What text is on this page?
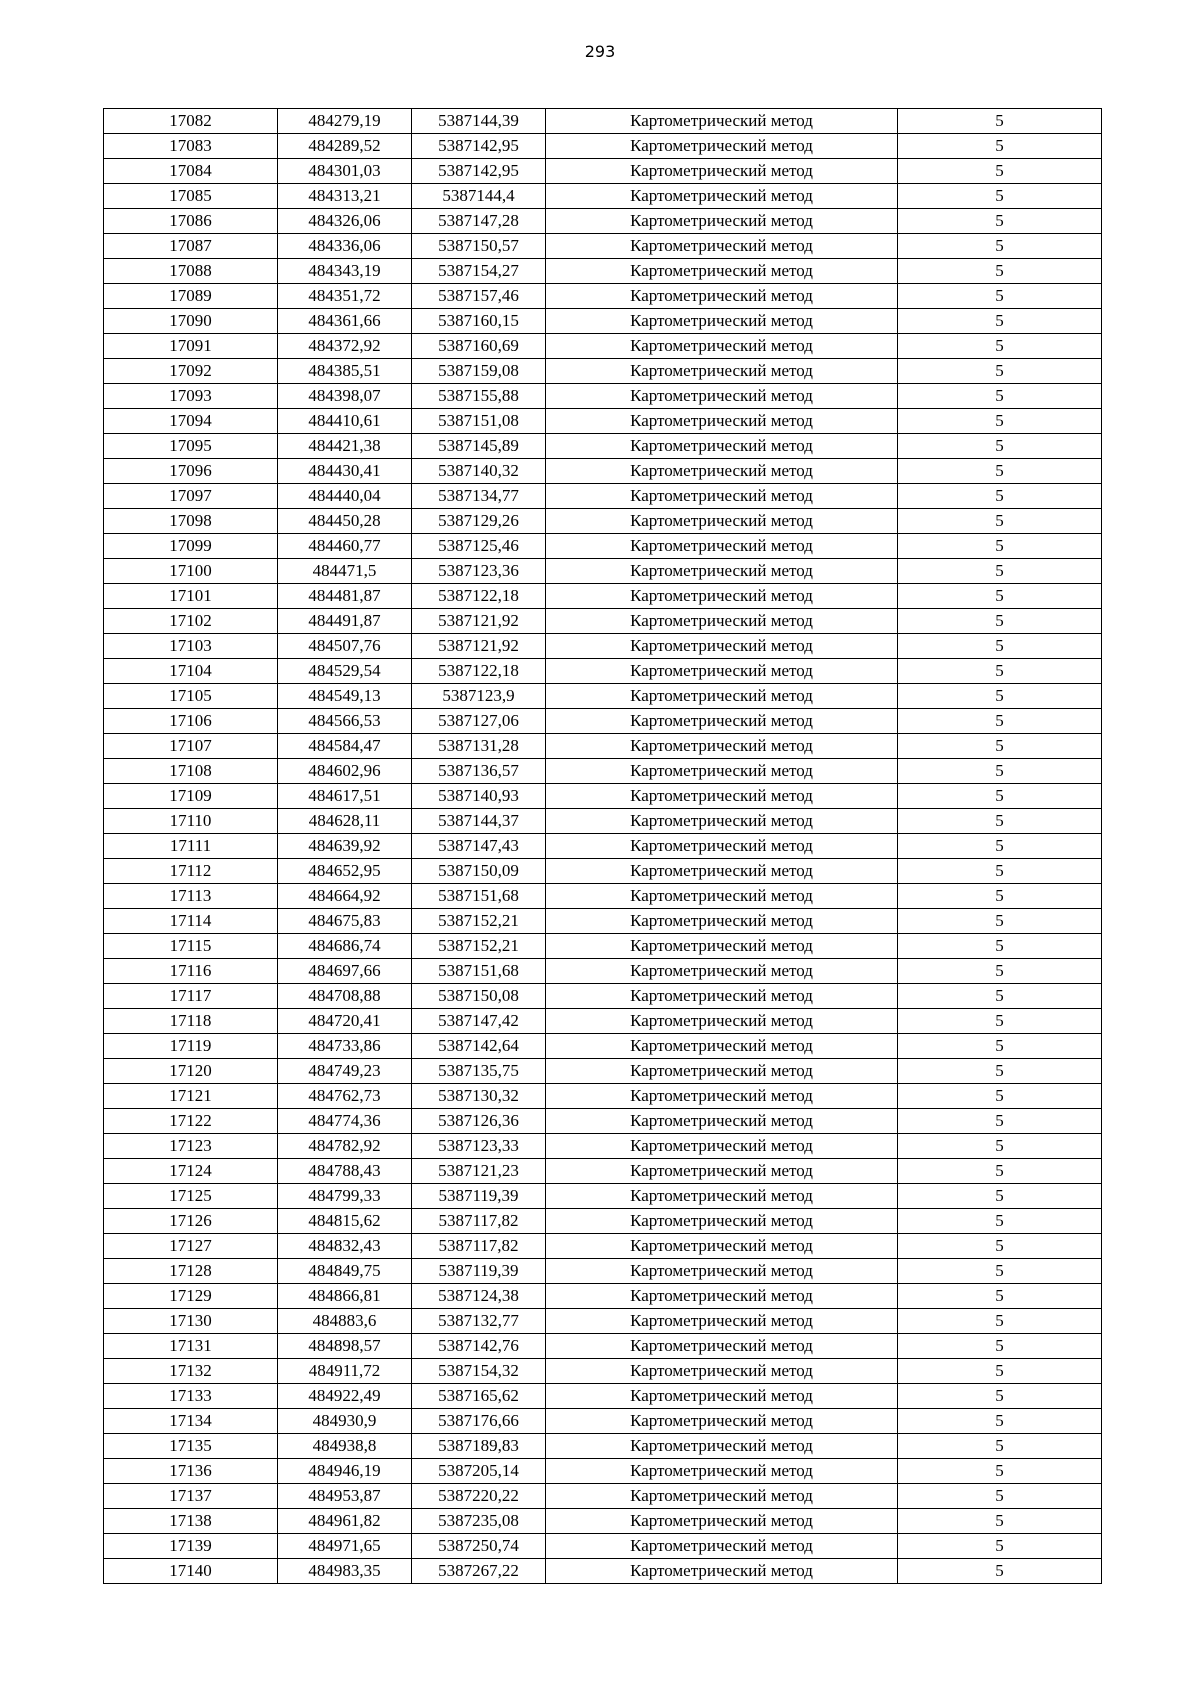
293
17082	484279,19	5387144,39	Картометрический метод	5
17083	484289,52	5387142,95	Картометрический метод	5
17084	484301,03	5387142,95	Картометрический метод	5
17085	484313,21	5387144,4	Картометрический метод	5
17086	484326,06	5387147,28	Картометрический метод	5
17087	484336,06	5387150,57	Картометрический метод	5
17088	484343,19	5387154,27	Картометрический метод	5
17089	484351,72	5387157,46	Картометрический метод	5
17090	484361,66	5387160,15	Картометрический метод	5
17091	484372,92	5387160,69	Картометрический метод	5
17092	484385,51	5387159,08	Картометрический метод	5
17093	484398,07	5387155,88	Картометрический метод	5
17094	484410,61	5387151,08	Картометрический метод	5
17095	484421,38	5387145,89	Картометрический метод	5
17096	484430,41	5387140,32	Картометрический метод	5
17097	484440,04	5387134,77	Картометрический метод	5
17098	484450,28	5387129,26	Картометрический метод	5
17099	484460,77	5387125,46	Картометрический метод	5
17100	484471,5	5387123,36	Картометрический метод	5
17101	484481,87	5387122,18	Картометрический метод	5
17102	484491,87	5387121,92	Картометрический метод	5
17103	484507,76	5387121,92	Картометрический метод	5
17104	484529,54	5387122,18	Картометрический метод	5
17105	484549,13	5387123,9	Картометрический метод	5
17106	484566,53	5387127,06	Картометрический метод	5
17107	484584,47	5387131,28	Картометрический метод	5
17108	484602,96	5387136,57	Картометрический метод	5
17109	484617,51	5387140,93	Картометрический метод	5
17110	484628,11	5387144,37	Картометрический метод	5
17111	484639,92	5387147,43	Картометрический метод	5
17112	484652,95	5387150,09	Картометрический метод	5
17113	484664,92	5387151,68	Картометрический метод	5
17114	484675,83	5387152,21	Картометрический метод	5
17115	484686,74	5387152,21	Картометрический метод	5
17116	484697,66	5387151,68	Картометрический метод	5
17117	484708,88	5387150,08	Картометрический метод	5
17118	484720,41	5387147,42	Картометрический метод	5
17119	484733,86	5387142,64	Картометрический метод	5
17120	484749,23	5387135,75	Картометрический метод	5
17121	484762,73	5387130,32	Картометрический метод	5
17122	484774,36	5387126,36	Картометрический метод	5
17123	484782,92	5387123,33	Картометрический метод	5
17124	484788,43	5387121,23	Картометрический метод	5
17125	484799,33	5387119,39	Картометрический метод	5
17126	484815,62	5387117,82	Картометрический метод	5
17127	484832,43	5387117,82	Картометрический метод	5
17128	484849,75	5387119,39	Картометрический метод	5
17129	484866,81	5387124,38	Картометрический метод	5
17130	484883,6	5387132,77	Картометрический метод	5
17131	484898,57	5387142,76	Картометрический метод	5
17132	484911,72	5387154,32	Картометрический метод	5
17133	484922,49	5387165,62	Картометрический метод	5
17134	484930,9	5387176,66	Картометрический метод	5
17135	484938,8	5387189,83	Картометрический метод	5
17136	484946,19	5387205,14	Картометрический метод	5
17137	484953,87	5387220,22	Картометрический метод	5
17138	484961,82	5387235,08	Картометрический метод	5
17139	484971,65	5387250,74	Картометрический метод	5
17140	484983,35	5387267,22	Картометрический метод	5
